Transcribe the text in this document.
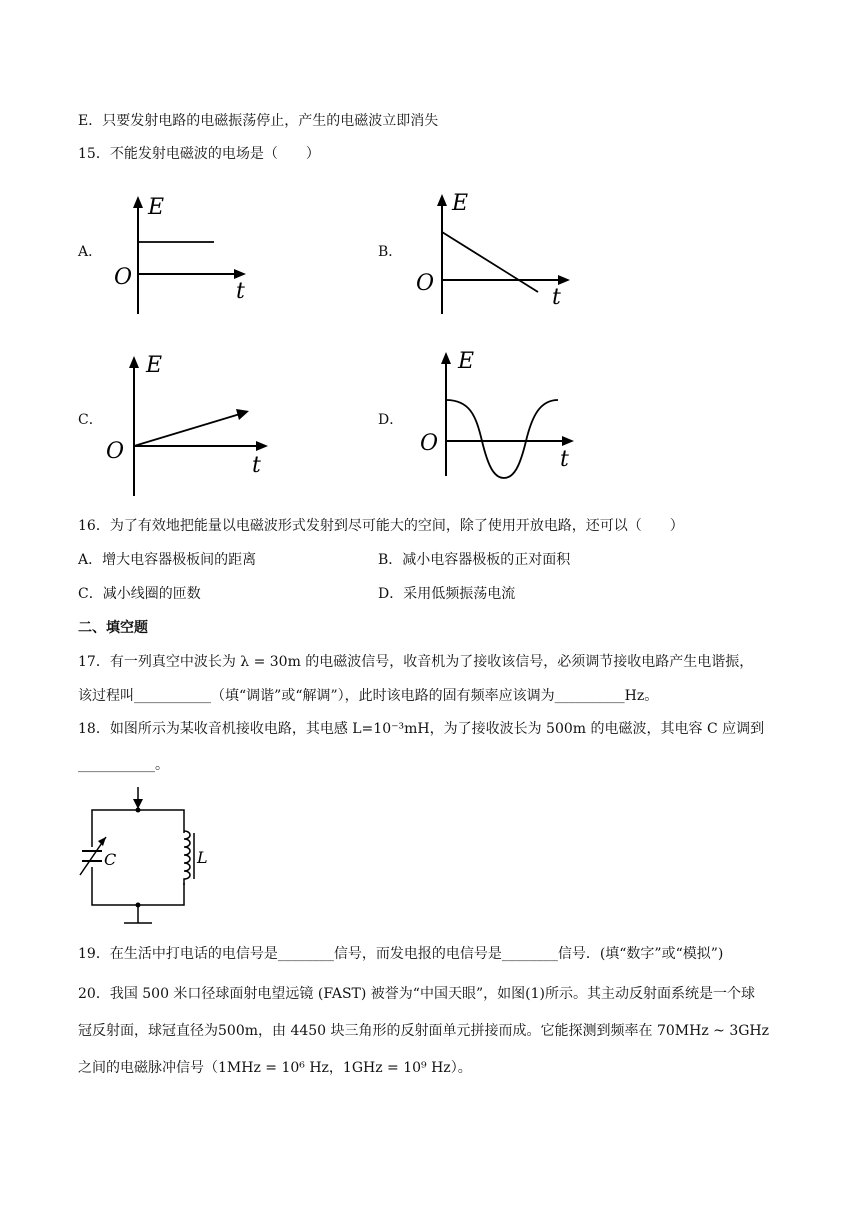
E．只要发射电路的电磁振荡停止，产生的电磁波立即消失
15．不能发射电磁波的电场是（　　）
A．
E
O
t
B．
E
O
t
C．
E
O
t
D．
E
O
t
16．为了有效地把能量以电磁波形式发射到尽可能大的空间，除了使用开放电路，还可以（　　）
A．增大电容器极板间的距离	B．减小电容器极板的正对面积
C．减小线圈的匝数	D．采用低频振荡电流
二、填空题
17．有一列真空中波长为 λ = 30m 的电磁波信号，收音机为了接收该信号，必须调节接收电路产生电谐振，
该过程叫___________（填“调谐”或“解调”），此时该电路的固有频率应该调为__________Hz。
18．如图所示为某收音机接收电路，其电感 L=10⁻³mH，为了接收波长为 500m 的电磁波，其电容 C 应调到
___________。
C	L
19．在生活中打电话的电信号是________信号，而发电报的电信号是________信号．(填“数字”或“模拟”)
20．我国 500 米口径球面射电望远镜 (FAST) 被誉为“中国天眼”，如图(1)所示。其主动反射面系统是一个球
冠反射面，球冠直径为500m，由 4450 块三角形的反射面单元拼接而成。它能探测到频率在 70MHz ~ 3GHz
之间的电磁脉冲信号（1MHz = 10⁶ Hz，1GHz = 10⁹ Hz）。
